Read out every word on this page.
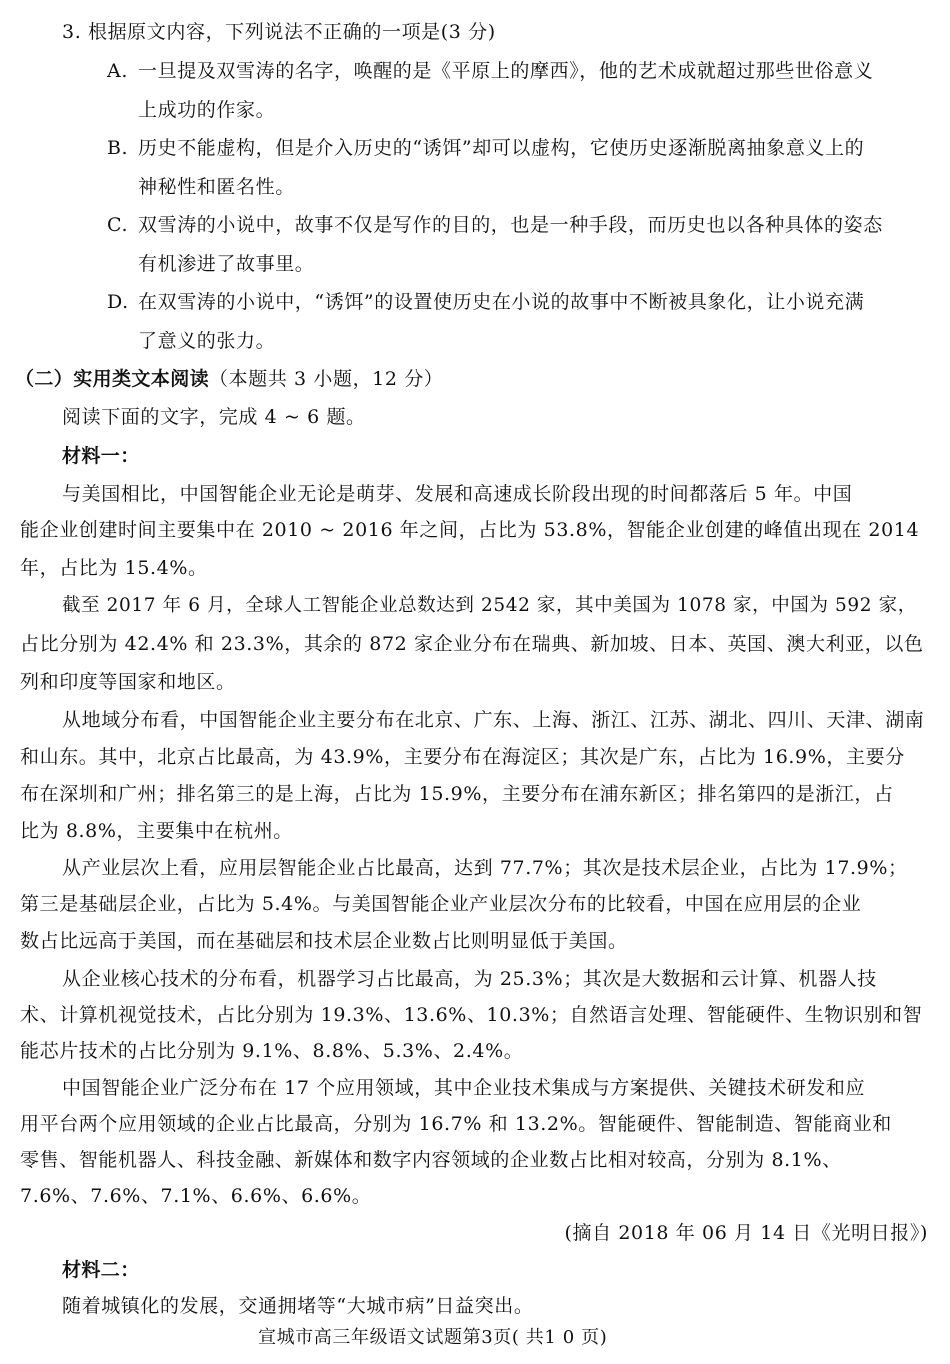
3. 根据原文内容，下列说法不正确的一项是(3 分)
A. 一旦提及双雪涛的名字，唤醒的是《平原上的摩西》，他的艺术成就超过那些世俗意义
上成功的作家。
B. 历史不能虚构，但是介入历史的“诱饵”却可以虚构，它使历史逐渐脱离抽象意义上的
神秘性和匿名性。
C. 双雪涛的小说中，故事不仅是写作的目的，也是一种手段，而历史也以各种具体的姿态
有机渗进了故事里。
D. 在双雪涛的小说中，“诱饵”的设置使历史在小说的故事中不断被具象化，让小说充满
了意义的张力。
（二）实用类文本阅读（本题共 3 小题，12 分）
阅读下面的文字，完成 4 ~ 6 题。
材料一：
与美国相比，中国智能企业无论是萌芽、发展和高速成长阶段出现的时间都落后 5 年。中国
能企业创建时间主要集中在 2010 ~ 2016 年之间，占比为 53.8%，智能企业创建的峰值出现在 2014
年，占比为 15.4%。
截至 2017 年 6 月，全球人工智能企业总数达到 2542 家，其中美国为 1078 家，中国为 592 家，
占比分别为 42.4% 和 23.3%，其余的 872 家企业分布在瑞典、新加坡、日本、英国、澳大利亚，以色
列和印度等国家和地区。
从地域分布看，中国智能企业主要分布在北京、广东、上海、浙江、江苏、湖北、四川、天津、湖南
和山东。其中，北京占比最高，为 43.9%，主要分布在海淀区；其次是广东，占比为 16.9%，主要分
布在深圳和广州；排名第三的是上海，占比为 15.9%，主要分布在浦东新区；排名第四的是浙江，占
比为 8.8%，主要集中在杭州。
从产业层次上看，应用层智能企业占比最高，达到 77.7%；其次是技术层企业，占比为 17.9%；
第三是基础层企业，占比为 5.4%。与美国智能企业产业层次分布的比较看，中国在应用层的企业
数占比远高于美国，而在基础层和技术层企业数占比则明显低于美国。
从企业核心技术的分布看，机器学习占比最高，为 25.3%；其次是大数据和云计算、机器人技
术、计算机视觉技术，占比分别为 19.3%、13.6%、10.3%；自然语言处理、智能硬件、生物识别和智
能芯片技术的占比分别为 9.1%、8.8%、5.3%、2.4%。
中国智能企业广泛分布在 17 个应用领域，其中企业技术集成与方案提供、关键技术研发和应
用平台两个应用领域的企业占比最高，分别为 16.7% 和 13.2%。智能硬件、智能制造、智能商业和
零售、智能机器人、科技金融、新媒体和数字内容领域的企业数占比相对较高，分别为 8.1%、
7.6%、7.6%、7.1%、6.6%、6.6%。
(摘自 2018 年 06 月 14 日《光明日报》)
材料二：
随着城镇化的发展，交通拥堵等“大城市病”日益突出。
宣城市高三年级语文试题第3页( 共1 0 页)
